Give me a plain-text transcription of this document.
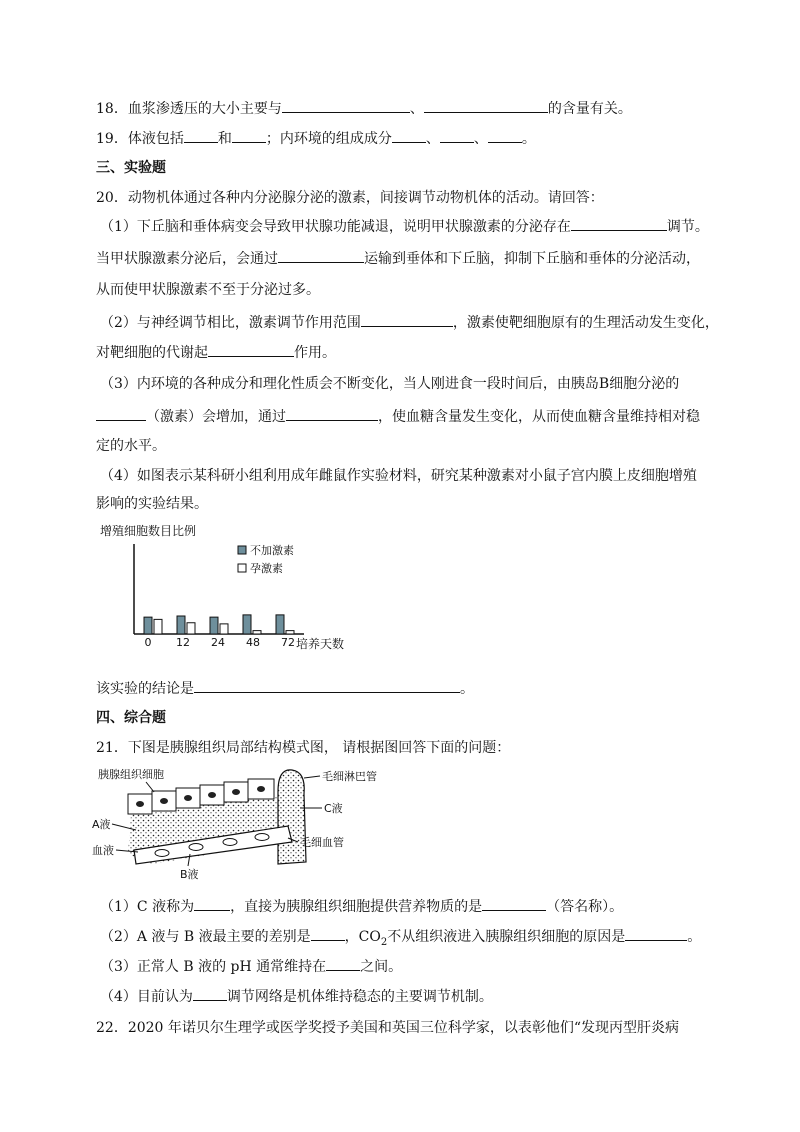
18．血浆渗透压的大小主要与	、	的含量有关。
19．体液包括 和 ；内环境的组成成分 、 、 。
三、实验题
20．动物机体通过各种内分泌腺分泌的激素，间接调节动物机体的活动。请回答：
（1）下丘脑和垂体病变会导致甲状腺功能减退，说明甲状腺激素的分泌存在	调节。
当甲状腺激素分泌后，会通过	运输到垂体和下丘脑，抑制下丘脑和垂体的分泌活动，
从而使甲状腺激素不至于分泌过多。
（2）与神经调节相比，激素调节作用范围	，激素使靶细胞原有的生理活动发生变化，
对靶细胞的代谢起	作用。
（3）内环境的各种成分和理化性质会不断变化，当人刚进食一段时间后，由胰岛B细胞分泌的
（激素）会增加，通过	，使血糖含量发生变化，从而使血糖含量维持相对稳
定的水平。
（4）如图表示某科研小组利用成年雌鼠作实验材料，研究某种激素对小鼠子宫内膜上皮细胞增殖
影响的实验结果。
增殖细胞数目比例
不加激素
孕激素
0 12 24 48 72 培养天数
该实验的结论是	。
四、综合题
21．下图是胰腺组织局部结构模式图， 请根据图回答下面的问题：
胰腺组织细胞	毛细淋巴管
C液
A液
血液
毛细血管
B液
（1）C 液称为	，直接为胰腺组织细胞提供营养物质的是	（答名称）。
（2）A 液与 B 液最主要的差别是 ，$CO_2$不从组织液进入胰腺组织细胞的原因是	。
（3）正常人 B 液的 pH 通常维持在 之间。
（4）目前认为 调节网络是机体维持稳态的主要调节机制。
22．2020 年诺贝尔生理学或医学奖授予美国和英国三位科学家，以表彰他们“发现丙型肝炎病
